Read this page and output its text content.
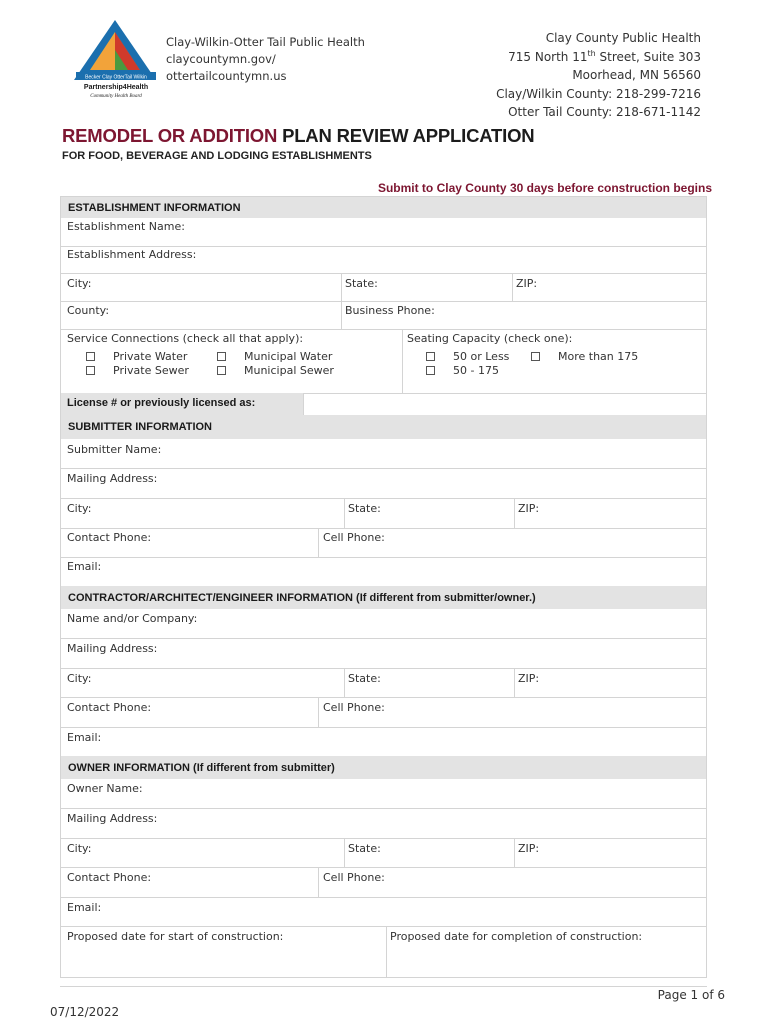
Becker Clay OtterTail Wilkin
Partnership4Health
Community Health Board
Clay-Wilkin-Otter Tail Public Health
claycountymn.gov/
ottertailcountymn.us
Clay County Public Health
715 North 11th Street, Suite 303
Moorhead, MN 56560
Clay/Wilkin County: 218-299-7216
Otter Tail County: 218-671-1142
REMODEL OR ADDITION PLAN REVIEW APPLICATION
FOR FOOD, BEVERAGE AND LODGING ESTABLISHMENTS
Submit to Clay County 30 days before construction begins
ESTABLISHMENT INFORMATION
Establishment Name:
Establishment Address:
City:	State:	ZIP:
County:	Business Phone:
Service Connections (check all that apply):
Private Water	Municipal Water
Private Sewer	Municipal Sewer
Seating Capacity (check one):
50 or Less	More than 175
50 - 175
License # or previously licensed as:
SUBMITTER INFORMATION
Submitter Name:
Mailing Address:
City:	State:	ZIP:
Contact Phone:	Cell Phone:
Email:
CONTRACTOR/ARCHITECT/ENGINEER INFORMATION (If different from submitter/owner.)
Name and/or Company:
Mailing Address:
City:	State:	ZIP:
Contact Phone:	Cell Phone:
Email:
OWNER INFORMATION (If different from submitter)
Owner Name:
Mailing Address:
City:	State:	ZIP:
Contact Phone:	Cell Phone:
Email:
Proposed date for start of construction:	Proposed date for completion of construction:
Page 1 of 6
07/12/2022
